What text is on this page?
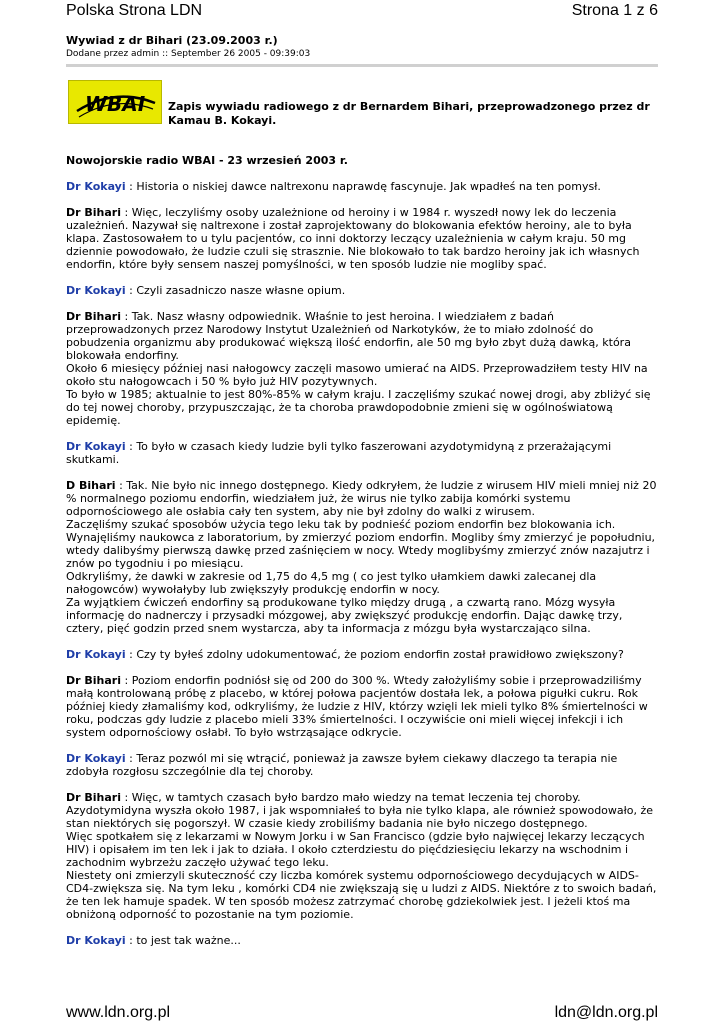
Polska Strona LDN	Strona 1 z 6
Wywiad z dr Bihari (23.09.2003 r.)
Dodane przez admin :: September 26 2005 - 09:39:03
WBAI Zapis wywiadu radiowego z dr Bernardem Bihari, przeprowadzonego przez dr Kamau B. Kokayi.

Nowojorskie radio WBAI - 23 wrzesień 2003 r.

Dr Kokayi : Historia o niskiej dawce naltrexonu naprawdę fascynuje. Jak wpadłeś na ten pomysł.

Dr Bihari : Więc, leczyliśmy osoby uzależnione od heroiny i w 1984 r. wyszedł nowy lek do leczenia uzależnień. Nazywał się naltrexone i został zaprojektowany do blokowania efektów heroiny, ale to była klapa. Zastosowałem to u tylu pacjentów, co inni doktorzy leczący uzależnienia w całym kraju. 50 mg dziennie powodowało, że ludzie czuli się strasznie. Nie blokowało to tak bardzo heroiny jak ich własnych endorfin, które były sensem naszej pomyślności, w ten sposób ludzie nie mogliby spać.

Dr Kokayi : Czyli zasadniczo nasze własne opium.

Dr Bihari : Tak. Nasz własny odpowiednik. Właśnie to jest heroina. I wiedziałem z badań przeprowadzonych przez Narodowy Instytut Uzależnień od Narkotyków, że to miało zdolność do pobudzenia organizmu aby produkować większą ilość endorfin, ale 50 mg było zbyt dużą dawką, która blokowała endorfiny.
Około 6 miesięcy później nasi nałogowcy zaczęli masowo umierać na AIDS. Przeprowadziłem testy HIV na około stu nałogowcach i 50 % było już HIV pozytywnych.
To było w 1985; aktualnie to jest 80%-85% w całym kraju. I zaczęliśmy szukać nowej drogi, aby zbliżyć się do tej nowej choroby, przypuszczając, że ta choroba prawdopodobnie zmieni się w ogólnoświatową epidemię.

Dr Kokayi : To było w czasach kiedy ludzie byli tylko faszerowani azydotymidyną z przerażającymi skutkami.

D Bihari : Tak. Nie było nic innego dostępnego. Kiedy odkryłem, że ludzie z wirusem HIV mieli mniej niż 20 % normalnego poziomu endorfin, wiedziałem już, że wirus nie tylko zabija komórki systemu odpornościowego ale osłabia cały ten system, aby nie był zdolny do walki z wirusem.
Zaczęliśmy szukać sposobów użycia tego leku tak by podnieść poziom endorfin bez blokowania ich. Wynajęliśmy naukowca z laboratorium, by zmierzyć poziom endorfin. Mogliby śmy zmierzyć je popołudniu, wtedy dalibyśmy pierwszą dawkę przed zaśnięciem w nocy. Wtedy moglibyśmy zmierzyć znów nazajutrz i znów po tygodniu i po miesiącu.
Odkryliśmy, że dawki w zakresie od 1,75 do 4,5 mg ( co jest tylko ułamkiem dawki zalecanej dla nałogowców) wywołałyby lub zwiększyły produkcję endorfin w nocy.
Za wyjątkiem ćwiczeń endorfiny są produkowane tylko między drugą , a czwartą rano. Mózg wysyła informację do nadnerczy i przysadki mózgowej, aby zwiększyć produkcję endorfin. Dając dawkę trzy, cztery, pięć godzin przed snem wystarcza, aby ta informacja z mózgu była wystarczająco silna.

Dr Kokayi : Czy ty byłeś zdolny udokumentować, że poziom endorfin został prawidłowo zwiększony?

Dr Bihari : Poziom endorfin podniósł się od 200 do 300 %. Wtedy założyliśmy sobie i przeprowadziliśmy małą kontrolowaną próbę z placebo, w której połowa pacjentów dostała lek, a połowa pigułki cukru. Rok później kiedy złamaliśmy kod, odkryliśmy, że ludzie z HIV, którzy wzięli lek mieli tylko 8% śmiertelności w roku, podczas gdy ludzie z placebo mieli 33% śmiertelności. I oczywiście oni mieli więcej infekcji i ich system odpornościowy osłabł. To było wstrząsające odkrycie.

Dr Kokayi : Teraz pozwól mi się wtrącić, ponieważ ja zawsze byłem ciekawy dlaczego ta terapia nie zdobyła rozgłosu szczególnie dla tej choroby.

Dr Bihari : Więc, w tamtych czasach było bardzo mało wiedzy na temat leczenia tej choroby. Azydotymidyna wyszła około 1987, i jak wspomniałeś to była nie tylko klapa, ale również spowodowało, że stan niektórych się pogorszył. W czasie kiedy zrobiliśmy badania nie było niczego dostępnego.
Więc spotkałem się z lekarzami w Nowym Jorku i w San Francisco (gdzie było najwięcej lekarzy leczących HIV) i opisałem im ten lek i jak to działa. I około czterdziestu do pięćdziesięciu lekarzy na wschodnim i zachodnim wybrzeżu zaczęło używać tego leku.
Niestety oni zmierzyli skuteczność czy liczba komórek systemu odpornościowego decydujących w AIDS-CD4-zwiększa się. Na tym leku , komórki CD4 nie zwiększają się u ludzi z AIDS. Niektóre z to swoich badań, że ten lek hamuje spadek. W ten sposób możesz zatrzymać chorobę gdziekolwiek jest. I jeżeli ktoś ma obniżoną odporność to pozostanie na tym poziomie.

Dr Kokayi : to jest tak ważne...

www.ldn.org.pl	ldn@ldn.org.pl
